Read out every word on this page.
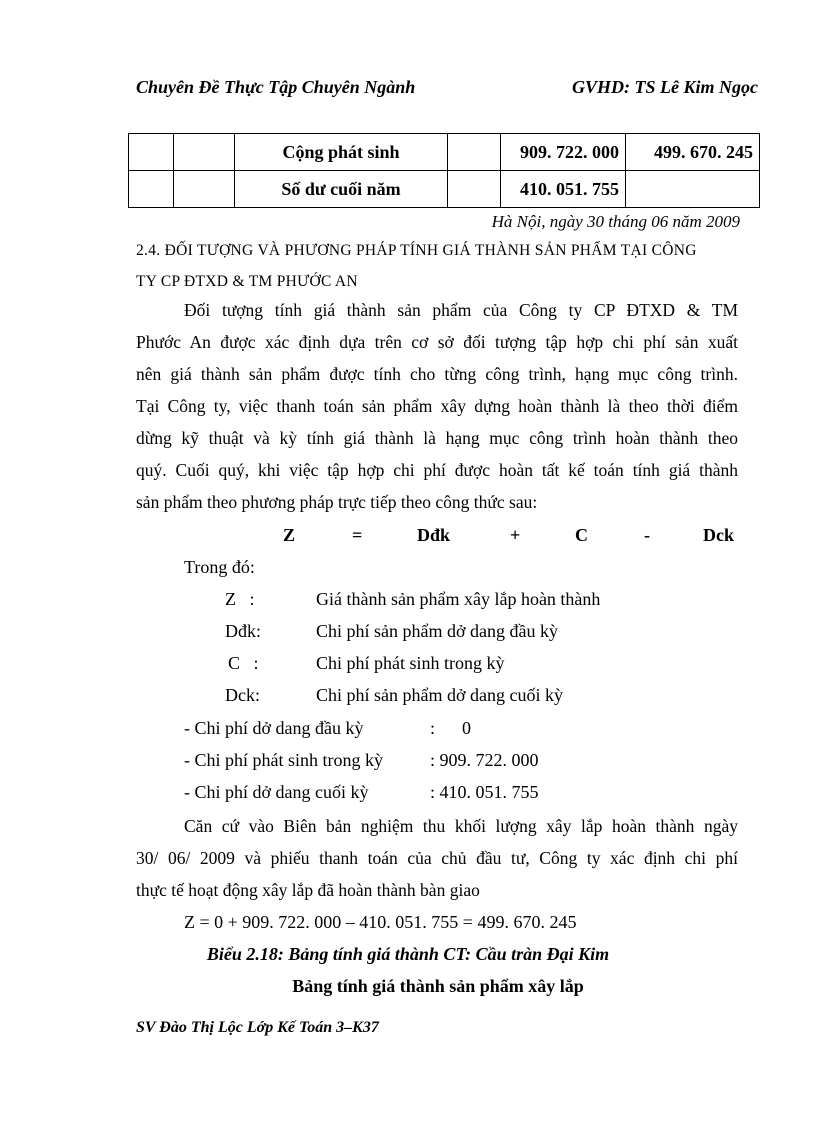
Chuyên Đề Thực Tập Chuyên Ngành	GVHD: TS Lê Kim Ngọc
		Cộng phát sinh		909. 722. 000	499. 670. 245
		Số dư cuối năm		410. 051. 755	
Hà Nội, ngày 30 tháng 06 năm 2009
2.4. ĐỐI TƯỢNG VÀ PHƯƠNG PHÁP TÍNH GIÁ THÀNH SẢN PHẨM TẠI CÔNG
TY CP ĐTXD & TM PHƯỚC AN
Đối tượng tính giá thành sản phẩm của Công ty CP ĐTXD & TM
Phước An được xác định dựa trên cơ sở đối tượng tập hợp chi phí sản xuất
nên giá thành sản phẩm được tính cho từng công trình, hạng mục công trình.
Tại Công ty, việc thanh toán sản phẩm xây dựng hoàn thành là theo thời điểm
dừng kỹ thuật và kỳ tính giá thành là hạng mục công trình hoàn thành theo
quý. Cuối quý, khi việc tập hợp chi phí được hoàn tất kế toán tính giá thành
sản phẩm theo phương pháp trực tiếp theo công thức sau:
Z	=	Dđk	+	C	-	Dck
Trong đó:
Z   :	Giá thành sản phẩm xây lắp hoàn thành
Dđk:	Chi phí sản phẩm dở dang đầu kỳ
C   :	Chi phí phát sinh trong kỳ
Dck:	Chi phí sản phẩm dở dang cuối kỳ
- Chi phí dở dang đầu kỳ	:      0
- Chi phí phát sinh trong kỳ	: 909. 722. 000
- Chi phí dở dang cuối kỳ	: 410. 051. 755
Căn cứ vào Biên bản nghiệm thu khối lượng xây lắp hoàn thành ngày
30/ 06/ 2009 và phiếu thanh toán của chủ đầu tư, Công ty xác định chi phí
thực tế hoạt động xây lắp đã hoàn thành bàn giao
Z = 0 + 909. 722. 000 – 410. 051. 755 = 499. 670. 245
Biểu 2.18: Bảng tính giá thành CT: Cầu tràn Đại Kim
Bảng tính giá thành sản phẩm xây lắp
SV Đào Thị Lộc Lớp Kế Toán 3–K37
